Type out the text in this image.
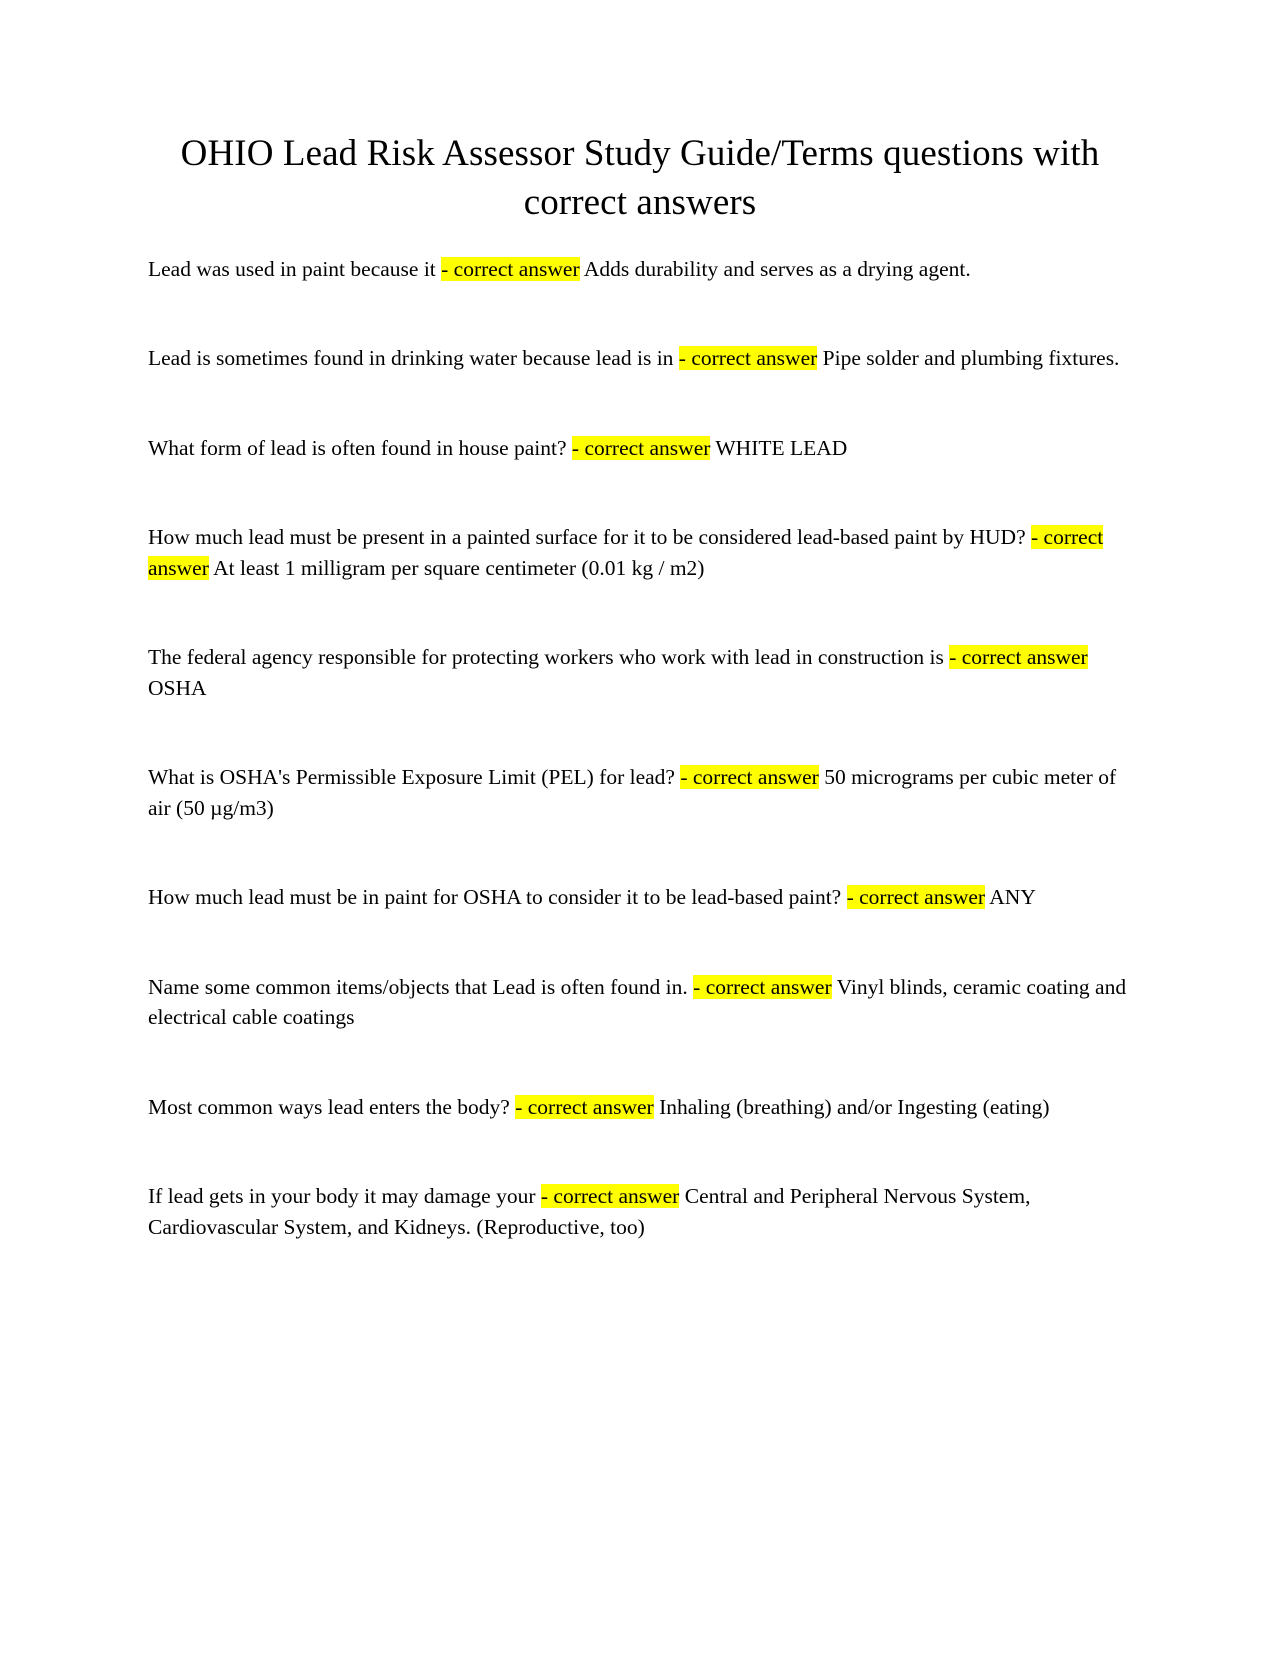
OHIO Lead Risk Assessor Study Guide/Terms questions with correct answers

Lead was used in paint because it - correct answer Adds durability and serves as a drying agent.

Lead is sometimes found in drinking water because lead is in - correct answer Pipe solder and plumbing fixtures.

What form of lead is often found in house paint? - correct answer WHITE LEAD

How much lead must be present in a painted surface for it to be considered lead-based paint by HUD? - correct answer At least 1 milligram per square centimeter (0.01 kg / m2)

The federal agency responsible for protecting workers who work with lead in construction is - correct answer OSHA

What is OSHA's Permissible Exposure Limit (PEL) for lead? - correct answer 50 micrograms per cubic meter of air (50 µg/m3)

How much lead must be in paint for OSHA to consider it to be lead-based paint? - correct answer ANY

Name some common items/objects that Lead is often found in. - correct answer Vinyl blinds, ceramic coating and electrical cable coatings

Most common ways lead enters the body? - correct answer Inhaling (breathing) and/or Ingesting (eating)

If lead gets in your body it may damage your - correct answer Central and Peripheral Nervous System, Cardiovascular System, and Kidneys. (Reproductive, too)
